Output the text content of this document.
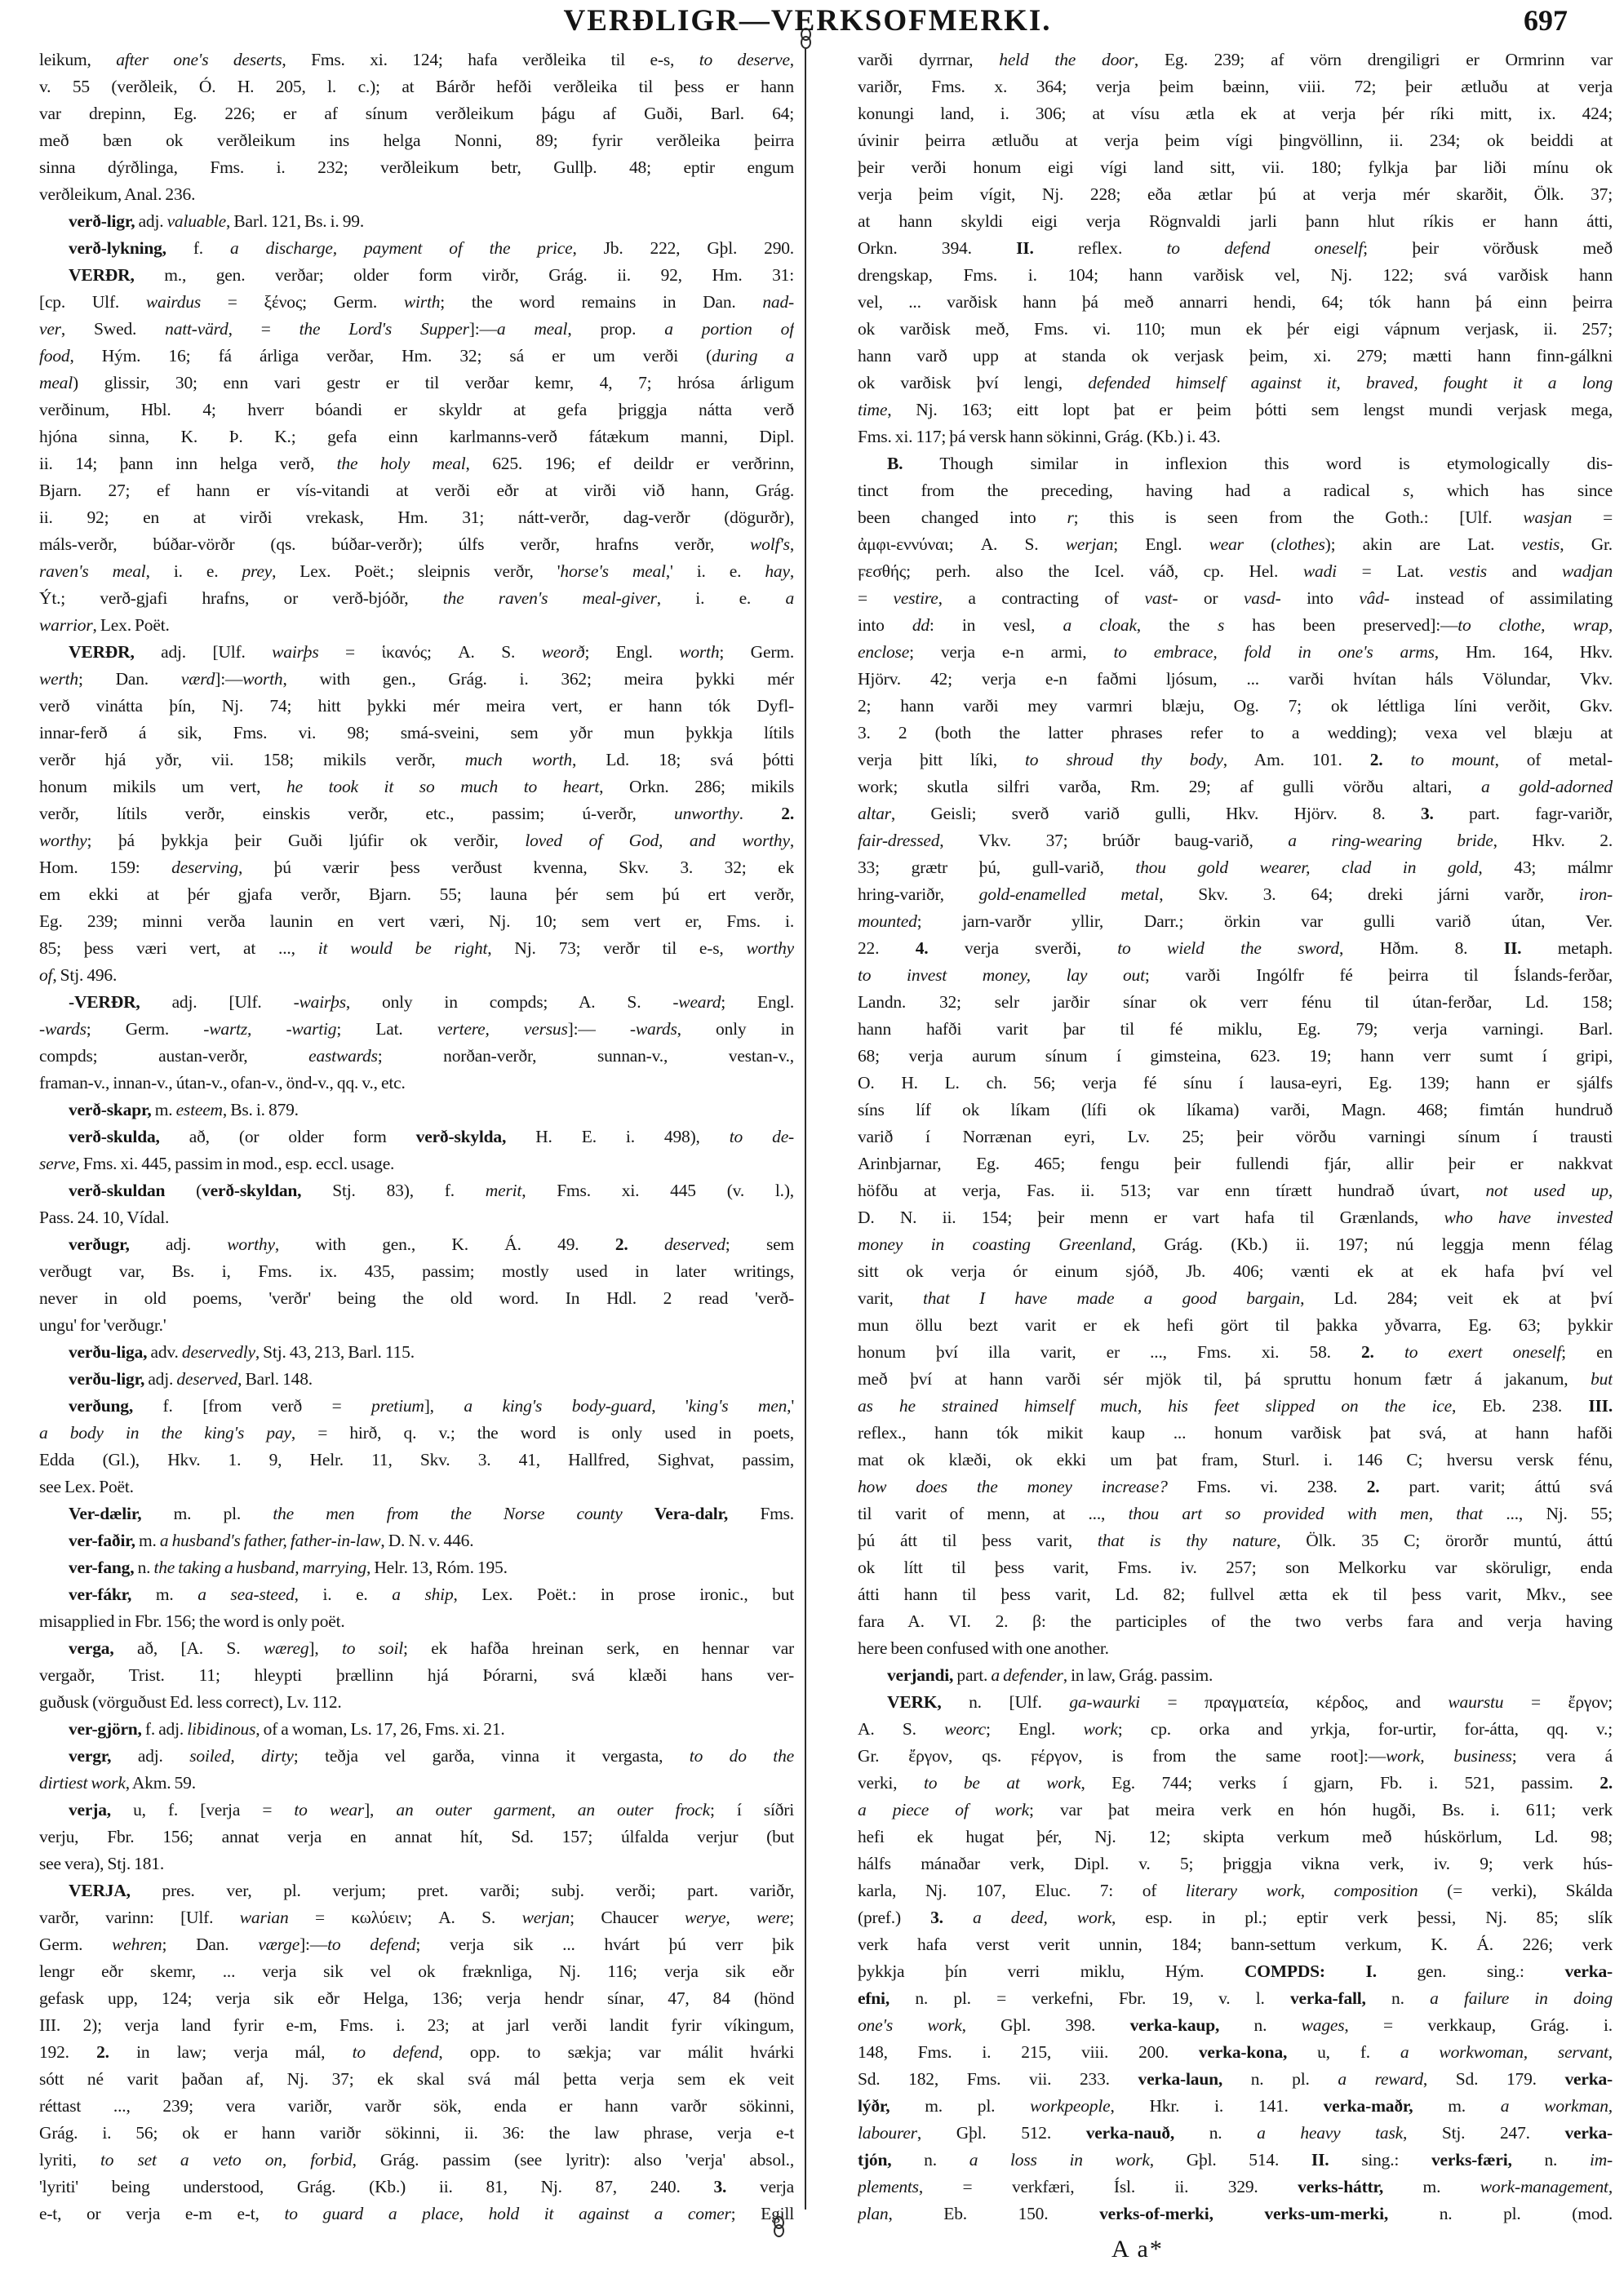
VERÐLIGR—VERKSOFMERKI.	697
leikum, after one's deserts, Fms. xi. 124; hafa verðleika til e-s, to deserve,
v. 55 (verðleik, Ó. H. 205, l. c.); at Bárðr hefði verðleika til þess er hann
var drepinn, Eg. 226; er af sínum verðleikum þágu af Guði, Barl. 64;
með bæn ok verðleikum ins helga Nonni, 89; fyrir verðleika þeirra
sinna dýrðlinga, Fms. i. 232; verðleikum betr, Gullþ. 48; eptir engum
verðleikum, Anal. 236.
verð-ligr, adj. valuable, Barl. 121, Bs. i. 99.
verð-lykning, f. a discharge, payment of the price, Jb. 222, Gþl. 290.
VERÐR, m., gen. verðar; older form virðr, Grág. ii. 92, Hm. 31:
[cp. Ulf. wairdus = ξένος; Germ. wirth; the word remains in Dan. nad-
ver, Swed. natt-värd, = the Lord's Supper]:—a meal, prop. a portion of
food, Hým. 16; fá árliga verðar, Hm. 32; sá er um verði (during a
meal) glissir, 30; enn vari gestr er til verðar kemr, 4, 7; hrósa árligum
verðinum, Hbl. 4; hverr bóandi er skyldr at gefa þriggja nátta verð
hjóna sinna, K. Þ. K.; gefa einn karlmanns-verð fátækum manni, Dipl.
ii. 14; þann inn helga verð, the holy meal, 625. 196; ef deildr er verðrinn,
Bjarn. 27; ef hann er vís-vitandi at verði eðr at virði við hann, Grág.
ii. 92; en at virði vrekask, Hm. 31; nátt-verðr, dag-verðr (dögurðr),
máls-verðr, búðar-vörðr (qs. búðar-verðr); úlfs verðr, hrafns verðr, wolf's,
raven's meal, i. e. prey, Lex. Poët.; sleipnis verðr, 'horse's meal,' i. e. hay,
Ýt.; verð-gjafi hrafns, or verð-bjóðr, the raven's meal-giver, i. e. a
warrior, Lex. Poët.
VERÐR, adj. [Ulf. wairþs = ἱκανός; A. S. weorð; Engl. worth; Germ.
werth; Dan. værd]:—worth, with gen., Grág. i. 362; meira þykki mér
verð vinátta þín, Nj. 74; hitt þykki mér meira vert, er hann tók Dyfl-
innar-ferð á sik, Fms. vi. 98; smá-sveini, sem yðr mun þykkja lítils
verðr hjá yðr, vii. 158; mikils verðr, much worth, Ld. 18; svá þótti
honum mikils um vert, he took it so much to heart, Orkn. 286; mikils
verðr, lítils verðr, einskis verðr, etc., passim; ú-verðr, unworthy. 2.
worthy; þá þykkja þeir Guði ljúfir ok verðir, loved of God, and worthy,
Hom. 159: deserving, þú værir þess verðust kvenna, Skv. 3. 32; ek
em ekki at þér gjafa verðr, Bjarn. 55; launa þér sem þú ert verðr,
Eg. 239; minni verða launin en vert væri, Nj. 10; sem vert er, Fms. i.
85; þess væri vert, at ..., it would be right, Nj. 73; verðr til e-s, worthy
of, Stj. 496.
-VERÐR, adj. [Ulf. -wairþs, only in compds; A. S. -weard; Engl.
-wards; Germ. -wartz, -wartig; Lat. vertere, versus]:— -wards, only in
compds; austan-verðr, eastwards; norðan-verðr, sunnan-v., vestan-v.,
framan-v., innan-v., útan-v., ofan-v., önd-v., qq. v., etc.
verð-skapr, m. esteem, Bs. i. 879.
verð-skulda, að, (or older form verð-skylda, H. E. i. 498), to de-
serve, Fms. xi. 445, passim in mod., esp. eccl. usage.
verð-skuldan (verð-skyldan, Stj. 83), f. merit, Fms. xi. 445 (v. l.),
Pass. 24. 10, Vídal.
verðugr, adj. worthy, with gen., K. Á. 49. 2. deserved; sem
verðugt var, Bs. i, Fms. ix. 435, passim; mostly used in later writings,
never in old poems, 'verðr' being the old word. In Hdl. 2 read 'verð-
ungu' for 'verðugr.'
verðu-liga, adv. deservedly, Stj. 43, 213, Barl. 115.
verðu-ligr, adj. deserved, Barl. 148.
verðung, f. [from verð = pretium], a king's body-guard, 'king's men,'
a body in the king's pay, = hirð, q. v.; the word is only used in poets,
Edda (Gl.), Hkv. 1. 9, Helr. 11, Skv. 3. 41, Hallfred, Sighvat, passim,
see Lex. Poët.
Ver-dælir, m. pl. the men from the Norse county Vera-dalr, Fms.
ver-faðir, m. a husband's father, father-in-law, D. N. v. 446.
ver-fang, n. the taking a husband, marrying, Helr. 13, Róm. 195.
ver-fákr, m. a sea-steed, i. e. a ship, Lex. Poët.: in prose ironic., but
misapplied in Fbr. 156; the word is only poët.
verga, að, [A. S. wæreg], to soil; ek hafða hreinan serk, en hennar var
vergaðr, Trist. 11; hleypti þrællinn hjá Þórarni, svá klæði hans ver-
guðusk (vörguðust Ed. less correct), Lv. 112.
ver-gjörn, f. adj. libidinous, of a woman, Ls. 17, 26, Fms. xi. 21.
vergr, adj. soiled, dirty; teðja vel garða, vinna it vergasta, to do the
dirtiest work, Akm. 59.
verja, u, f. [verja = to wear], an outer garment, an outer frock; í síðri
verju, Fbr. 156; annat verja en annat hít, Sd. 157; úlfalda verjur (but
see vera), Stj. 181.
VERJA, pres. ver, pl. verjum; pret. varði; subj. verði; part. variðr,
varðr, varinn: [Ulf. warian = κωλύειν; A. S. werjan; Chaucer werye, were;
Germ. wehren; Dan. værge]:—to defend; verja sik ... hvárt þú verr þik
lengr eðr skemr, ... verja sik vel ok fræknliga, Nj. 116; verja sik eðr
gefask upp, 124; verja sik eðr Helga, 136; verja hendr sínar, 47, 84 (hönd
III. 2); verja land fyrir e-m, Fms. i. 23; at jarl verði landit fyrir víkingum,
192. 2. in law; verja mál, to defend, opp. to sækja; var málit hvárki
sótt né varit þaðan af, Nj. 37; ek skal svá mál þetta verja sem ek veit
réttast ..., 239; vera variðr, varðr sök, enda er hann varðr sökinni,
Grág. i. 56; ok er hann variðr sökinni, ii. 36: the law phrase, verja e-t
lyriti, to set a veto on, forbid, Grág. passim (see lyritr): also 'verja' absol.,
'lyriti' being understood, Grág. (Kb.) ii. 81, Nj. 87, 240. 3. verja
e-t, or verja e-m e-t, to guard a place, hold it against a comer; Egill
varði dyrrnar, held the door, Eg. 239; af vörn drengiligri er Ormrinn var
variðr, Fms. x. 364; verja þeim bæinn, viii. 72; þeir ætluðu at verja
konungi land, i. 306; at vísu ætla ek at verja þér ríki mitt, ix. 424;
úvinir þeirra ætluðu at verja þeim vígi þingvöllinn, ii. 234; ok beiddi at
þeir verði honum eigi vígi land sitt, vii. 180; fylkja þar liði mínu ok
verja þeim vígit, Nj. 228; eða ætlar þú at verja mér skarðit, Ölk. 37;
at hann skyldi eigi verja Rögnvaldi jarli þann hlut ríkis er hann átti,
Orkn. 394. II. reflex. to defend oneself; þeir vörðusk með
drengskap, Fms. i. 104; hann varðisk vel, Nj. 122; svá varðisk hann
vel, ... varðisk hann þá með annarri hendi, 64; tók hann þá einn þeirra
ok varðisk með, Fms. vi. 110; mun ek þér eigi vápnum verjask, ii. 257;
hann varð upp at standa ok verjask þeim, xi. 279; mætti hann finn-gálkni
ok varðisk því lengi, defended himself against it, braved, fought it a long
time, Nj. 163; eitt lopt þat er þeim þótti sem lengst mundi verjask mega,
Fms. xi. 117; þá versk hann sökinni, Grág. (Kb.) i. 43.
B. Though similar in inflexion this word is etymologically dis-
tinct from the preceding, having had a radical s, which has since
been changed into r; this is seen from the Goth.: [Ulf. wasjan =
ἀμφι-εννύναι; A. S. werjan; Engl. wear (clothes); akin are Lat. vestis, Gr.
ϝεσθής; perh. also the Icel. váð, cp. Hel. wadi = Lat. vestis and wadjan
= vestire, a contracting of vast- or vasd- into vâd- instead of assimilating
into dd: in vesl, a cloak, the s has been preserved]:—to clothe, wrap,
enclose; verja e-n armi, to embrace, fold in one's arms, Hm. 164, Hkv.
Hjörv. 42; verja e-n faðmi ljósum, ... varði hvítan háls Völundar, Vkv.
2; hann varði mey varmri blæju, Og. 7; ok léttliga líni verðit, Gkv.
3. 2 (both the latter phrases refer to a wedding); vexa vel blæju at
verja þitt líki, to shroud thy body, Am. 101. 2. to mount, of metal-
work; skutla silfri varða, Rm. 29; af gulli vörðu altari, a gold-adorned
altar, Geisli; sverð varið gulli, Hkv. Hjörv. 8. 3. part. fagr-variðr,
fair-dressed, Vkv. 37; brúðr baug-varið, a ring-wearing bride, Hkv. 2.
33; grætr þú, gull-varið, thou gold wearer, clad in gold, 43; málmr
hring-variðr, gold-enamelled metal, Skv. 3. 64; dreki járni varðr, iron-
mounted; jarn-varðr yllir, Darr.; örkin var gulli varið útan, Ver.
22. 4. verja sverði, to wield the sword, Hðm. 8. II. metaph.
to invest money, lay out; varði Ingólfr fé þeirra til Íslands-ferðar,
Landn. 32; selr jarðir sínar ok verr fénu til útan-ferðar, Ld. 158;
hann hafði varit þar til fé miklu, Eg. 79; verja varningi. Barl.
68; verja aurum sínum í gimsteina, 623. 19; hann verr sumt í gripi,
O. H. L. ch. 56; verja fé sínu í lausa-eyri, Eg. 139; hann er sjálfs
síns líf ok líkam (lífi ok líkama) varði, Magn. 468; fimtán hundruð
varið í Norrænan eyri, Lv. 25; þeir vörðu varningi sínum í trausti
Arinbjarnar, Eg. 465; fengu þeir fullendi fjár, allir þeir er nakkvat
höfðu at verja, Fas. ii. 513; var enn tírætt hundrað úvart, not used up,
D. N. ii. 154; þeir menn er vart hafa til Grænlands, who have invested
money in coasting Greenland, Grág. (Kb.) ii. 197; nú leggja menn félag
sitt ok verja ór einum sjóð, Jb. 406; vænti ek at ek hafa því vel
varit, that I have made a good bargain, Ld. 284; veit ek at því
mun öllu bezt varit er ek hefi gört til þakka yðvarra, Eg. 63; þykkir
honum því illa varit, er ..., Fms. xi. 58. 2. to exert oneself; en
með því at hann varði sér mjök til, þá spruttu honum fætr á jakanum, but
as he strained himself much, his feet slipped on the ice, Eb. 238. III.
reflex., hann tók mikit kaup ... honum varðisk þat svá, at hann hafði
mat ok klæði, ok ekki um þat fram, Sturl. i. 146 C; hversu versk fénu,
how does the money increase? Fms. vi. 238. 2. part. varit; áttú svá
til varit of menn, at ..., thou art so provided with men, that ..., Nj. 55;
þú átt til þess varit, that is thy nature, Ölk. 35 C; örorðr muntú, áttú
ok lítt til þess varit, Fms. iv. 257; son Melkorku var sköruligr, enda
átti hann til þess varit, Ld. 82; fullvel ætta ek til þess varit, Mkv., see
fara A. VI. 2. β: the participles of the two verbs fara and verja having
here been confused with one another.
verjandi, part. a defender, in law, Grág. passim.
VERK, n. [Ulf. ga-waurki = πραγματεία, κέρδος, and waurstu = ἔργον;
A. S. weorc; Engl. work; cp. orka and yrkja, for-urtir, for-átta, qq. v.;
Gr. ἔργον, qs. ϝέργον, is from the same root]:—work, business; vera á
verki, to be at work, Eg. 744; verks í gjarn, Fb. i. 521, passim. 2.
a piece of work; var þat meira verk en hón hugði, Bs. i. 611; verk
hefi ek hugat þér, Nj. 12; skipta verkum með húskörlum, Ld. 98;
hálfs mánaðar verk, Dipl. v. 5; þriggja vikna verk, iv. 9; verk hús-
karla, Nj. 107, Eluc. 7: of literary work, composition (= verki), Skálda
(pref.) 3. a deed, work, esp. in pl.; eptir verk þessi, Nj. 85; slík
verk hafa verst verit unnin, 184; bann-settum verkum, K. Á. 226; verk
þykkja þín verri miklu, Hým. COMPDS: I. gen. sing.: verka-
efni, n. pl. = verkefni, Fbr. 19, v. l. verka-fall, n. a failure in doing
one's work, Gþl. 398. verka-kaup, n. wages, = verkkaup, Grág. i.
148, Fms. i. 215, viii. 200. verka-kona, u, f. a workwoman, servant,
Sd. 182, Fms. vii. 233. verka-laun, n. pl. a reward, Sd. 179. verka-
lýðr, m. pl. workpeople, Hkr. i. 141. verka-maðr, m. a workman,
labourer, Gþl. 512. verka-nauð, n. a heavy task, Stj. 247. verka-
tjón, n. a loss in work, Gþl. 514. II. sing.: verks-færi, n. im-
plements, = verkfæri, Ísl. ii. 329. verks-háttr, m. work-management,
plan, Eb. 150. verks-of-merki, verks-um-merki, n. pl. (mod.
A a*
